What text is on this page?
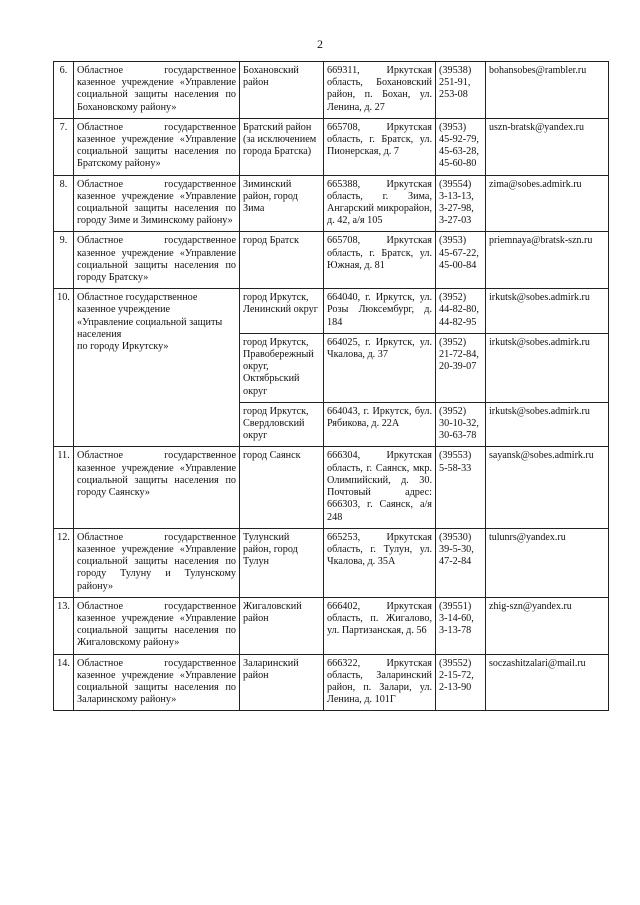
2
6.	Областное государственное казенное учреждение «Управление социальной защиты населения по Бохановскому району»	Бохановский район	669311, Иркутская область, Бохановский район, п. Бохан, ул. Ленина, д. 27	(39538)
251-91,
253-08	bohansobes@rambler.ru
7.	Областное государственное казенное учреждение «Управление социальной защиты населения по Братскому району»	Братский район (за исключением города Братска)	665708, Иркутская область, г. Братск, ул. Пионерская, д. 7	(3953)
45-92-79,
45-63-28,
45-60-80	uszn-bratsk@yandex.ru
8.	Областное государственное казенное учреждение «Управление социальной защиты населения по городу Зиме и Зиминскому району»	Зиминский район, город Зима	665388, Иркутская область, г. Зима, Ангарский микрорайон, д. 42, а/я 105	(39554)
3-13-13,
3-27-98,
3-27-03	zima@sobes.admirk.ru
9.	Областное государственное казенное учреждение «Управление социальной защиты населения по городу Братску»	город Братск	665708, Иркутская область, г. Братск, ул. Южная, д. 81	(3953)
45-67-22,
45-00-84	priemnaya@bratsk-szn.ru
10.	Областное государственное
казенное учреждение
«Управление социальной защиты
населения
по городу Иркутску»	город Иркутск, Ленинский округ	664040, г. Иркутск, ул. Розы Люксембург, д. 184	(3952)
44-82-80,
44-82-95	irkutsk@sobes.admirk.ru
		город Иркутск, Правобережный округ, Октябрьский округ	664025, г. Иркутск, ул. Чкалова, д. 37	(3952)
21-72-84,
20-39-07	irkutsk@sobes.admirk.ru
		город Иркутск, Свердловский округ	664043, г. Иркутск, бул. Рябикова, д. 22А	(3952)
30-10-32,
30-63-78	irkutsk@sobes.admirk.ru
11.	Областное государственное казенное учреждение «Управление социальной защиты населения по городу Саянску»	город Саянск	666304, Иркутская область, г. Саянск, мкр. Олимпийский, д. 30. Почтовый адрес: 666303, г. Саянск, а/я 248	(39553)
5-58-33	sayansk@sobes.admirk.ru
12.	Областное государственное казенное учреждение «Управление социальной защиты населения по городу Тулуну и Тулунскому району»	Тулунский район, город Тулун	665253, Иркутская область, г. Тулун, ул. Чкалова, д. 35А	(39530)
39-5-30,
47-2-84	tulunrs@yandex.ru
13.	Областное государственное казенное учреждение «Управление социальной защиты населения по Жигаловскому району»	Жигаловский район	666402, Иркутская область, п. Жигалово, ул. Партизанская, д. 56	(39551)
3-14-60,
3-13-78	zhig-szn@yandex.ru
14.	Областное государственное казенное учреждение «Управление социальной защиты населения по Заларинскому району»	Заларинский район	666322, Иркутская область, Заларинский район, п. Залари, ул. Ленина, д. 101Г	(39552)
2-15-72,
2-13-90	soczashitzalari@mail.ru
